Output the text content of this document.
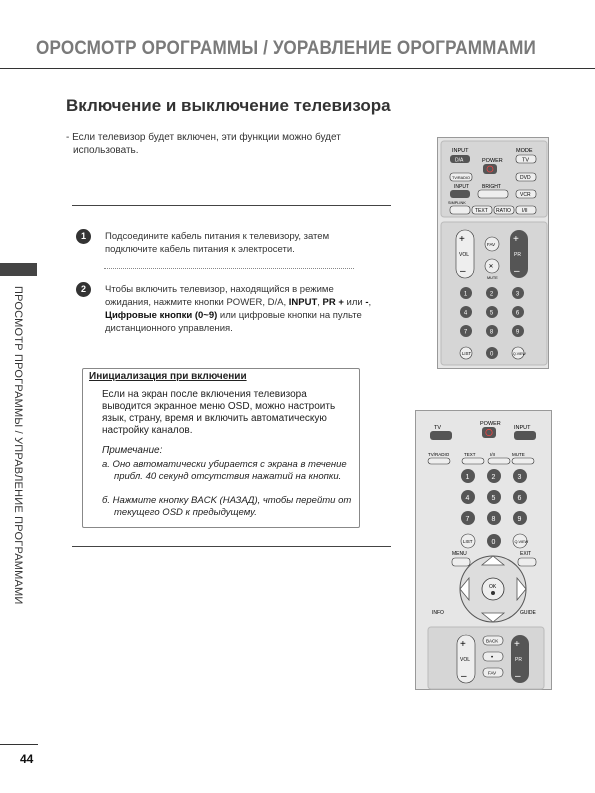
ОРОСМОТР ОРОГРАММЫ / УОРАВЛЕНИЕ ОРОГРАММАМИ
Включение и выключение телевизора
- Если телевизор будет включен, эти функции можно будет использовать.
1	Подсоедините кабель питания к телевизору, затем подключите кабель питания к электросети.
2	Чтобы включить телевизор, находящийся в режиме ожидания, нажмите кнопки POWER, D/A, INPUT, PR + или -, Цифровые кнопки (0~9) или цифровые кнопки на пульте дистанционного управления.
Инициализация при включении
Если на экран после включения телевизора выводится экранное меню OSD, можно настроить язык, страну, время и включить автоматическую настройку каналов.
Примечание:
a. Оно автоматически убирается с экрана в течение прибл. 40 секунд отсутствия нажатий на кнопки.
б. Нажмите кнопку BACK (НАЗАД), чтобы перейти от текущего OSD к предыдущему.
ПРОСМОТР ПРОГРАММЫ / УПРАВЛЕНИЕ ПРОГРАММАМИ
44
INPUT	MODE
POWER
D/A	TV
TV/RADIO	DVD
INPUT	BRIGHT
VCR
SIMPLINK
TEXT RATIO I/II
+
VOL
–
+
PR
–
FAV
✕
MUTE
1	2	3
4	5	6
7	8	9
LIST	0	Q.VIEW
TV
POWER
INPUT
TV/RADIO	TEXT	I/II	MUTE
1	2	3
4	5	6
7	8	9
LIST	0	Q.VIEW
MENU	EXIT
OK
INFO	GUIDE
+
VOL
–
+
PR
–
BACK
•
FAV
